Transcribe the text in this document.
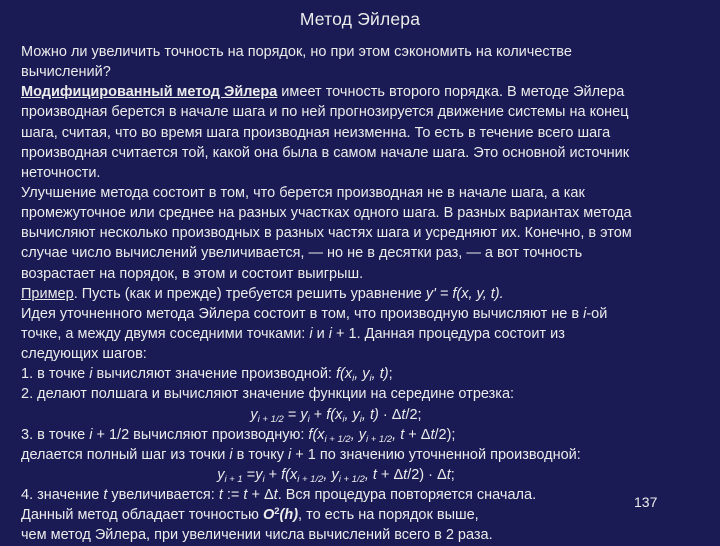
Метод Эйлера
Можно ли увеличить точность на порядок, но при этом сэкономить на количестве
вычислений?
Модифицированный метод Эйлера имеет точность второго порядка. В методе Эйлера
производная берется в начале шага и по ней прогнозируется движение системы на конец
шага, считая, что во время шага производная неизменна. То есть в течение всего шага
производная считается той, какой она была в самом начале шага. Это основной источник
неточности.
Улучшение метода состоит в том, что берется производная не в начале шага, а как
промежуточное или среднее на разных участках одного шага. В разных вариантах метода
вычисляют несколько производных в разных частях шага и усредняют их. Конечно, в этом
случае число вычислений увеличивается, — но не в десятки раз, — а вот точность
возрастает на порядок, в этом и состоит выигрыш.
Пример. Пусть (как и прежде) требуется решить уравнение y' = f(x, y, t).
Идея уточненного метода Эйлера состоит в том, что производную вычисляют не в i-ой
точке, а между двумя соседними точками: i и i + 1. Данная процедура состоит из
следующих шагов:
1. в точке i вычисляют значение производной: $f(x_i$, $y_i$, t);
2. делают полшага и вычисляют значение функции на середине отрезка:
$y_{i + 1/2} = y_i + f(x_i$, $y_i$, t) · Δt/2;
3. в точке i + 1/2 вычисляют производную: $f(x_{i + 1/2}$, $y_{i + 1/2}$, t + Δt/2);
делается полный шаг из точки i в точку i + 1 по значению уточненной производной:
$y_{i + 1} =y_i + f(x_{i + 1/2}$, $y_{i + 1/2}$, t + Δt/2) · Δt;
4. значение t увеличивается: t := t + Δt. Вся процедура повторяется сначала.
Данный метод обладает точностью $O^2(h)$, то есть на порядок выше,
чем метод Эйлера, при увеличении числа вычислений всего в 2 раза.
137
